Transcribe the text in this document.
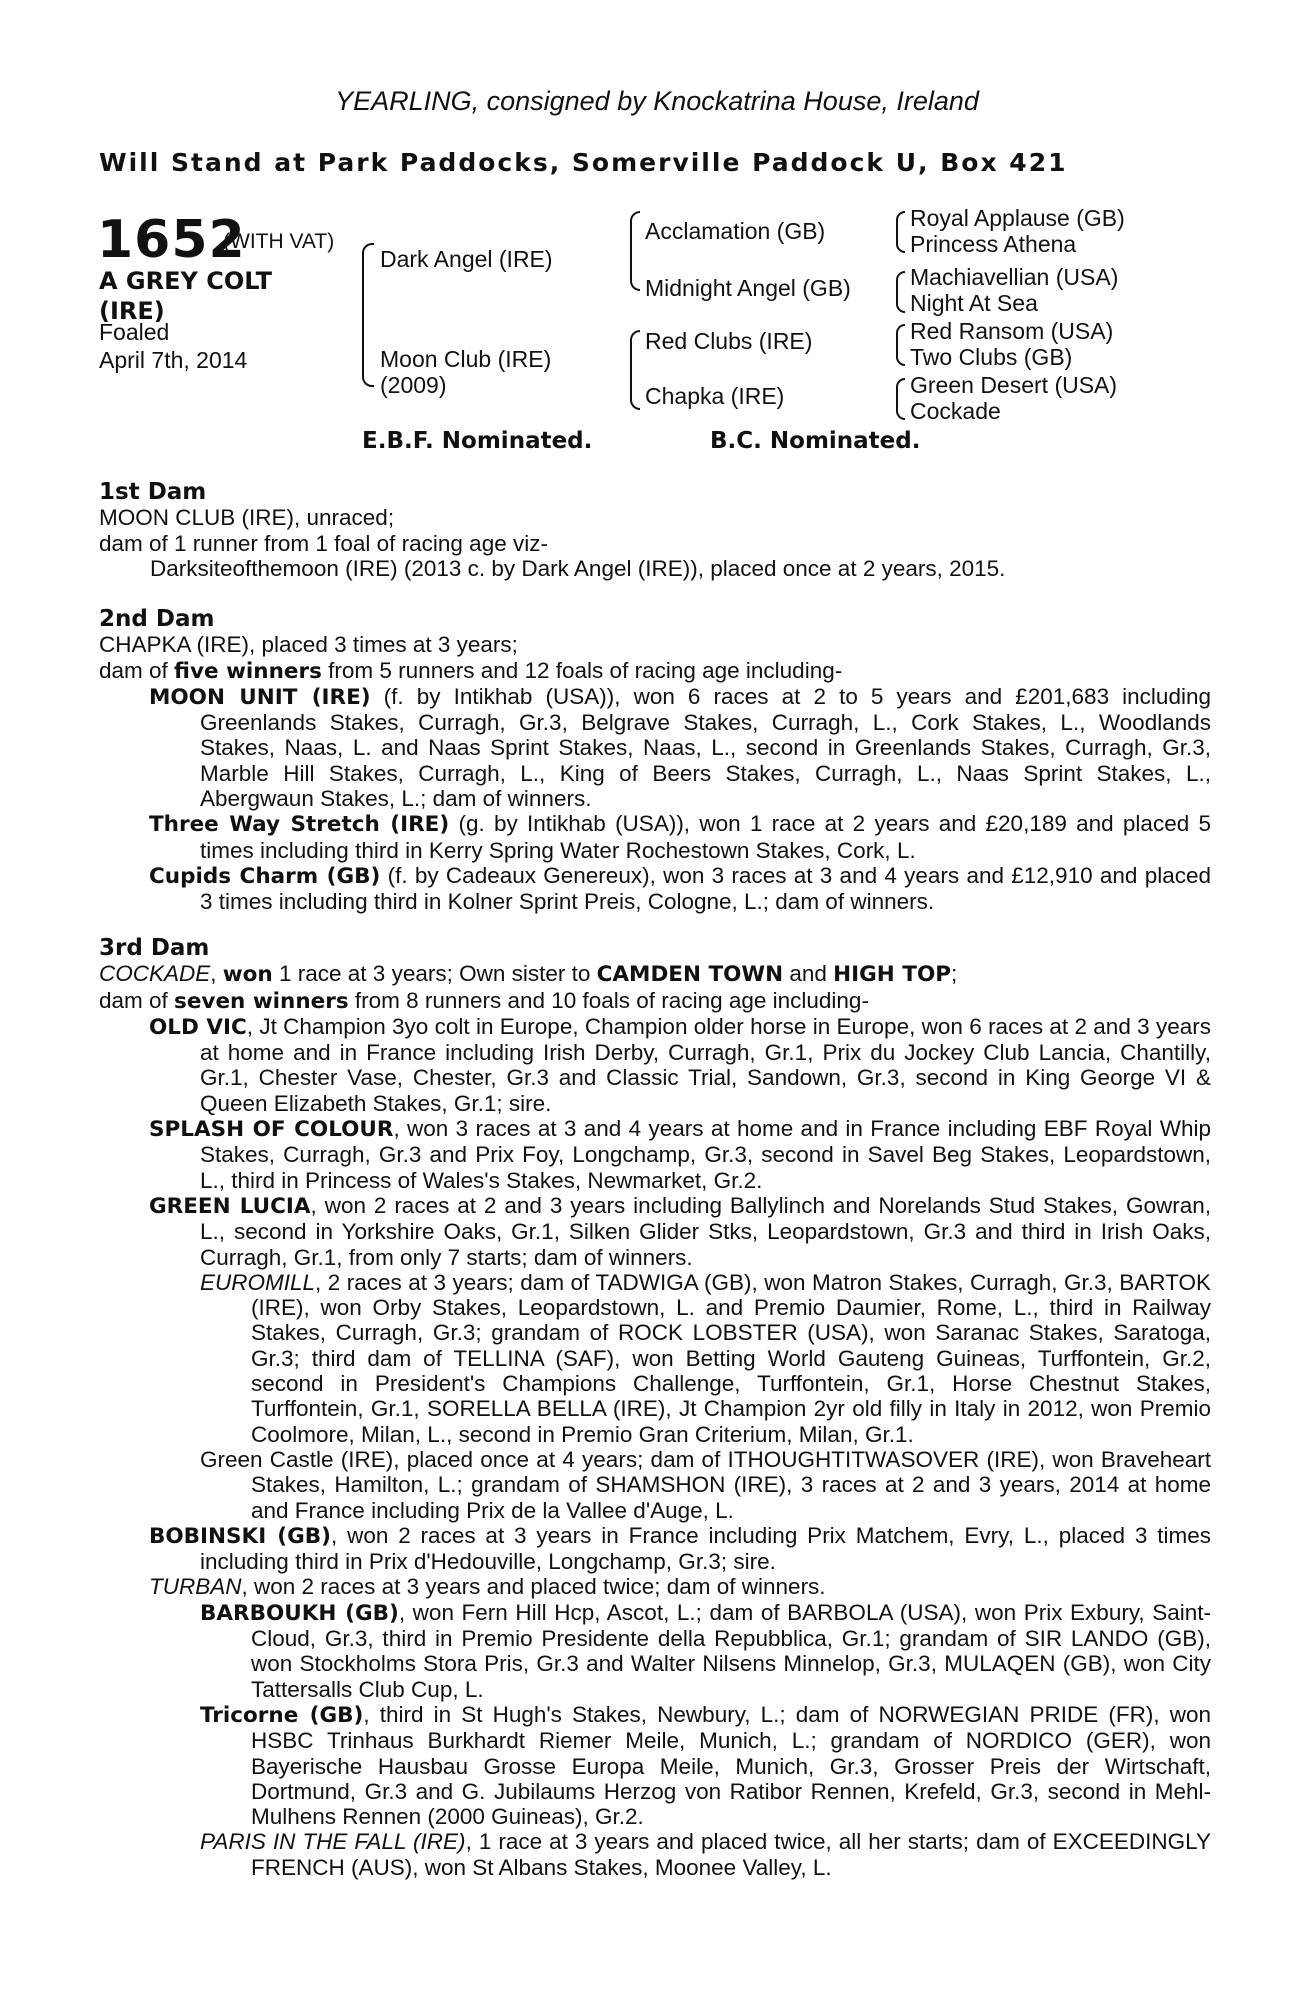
YEARLING, consigned by Knockatrina House, Ireland
Will Stand at Park Paddocks, Somerville Paddock U, Box 421
1652
(WITH VAT)
A GREY COLT
(IRE)
Foaled
April 7th, 2014
Dark Angel (IRE)
Moon Club (IRE)
(2009)
Acclamation (GB)
Midnight Angel (GB)
Red Clubs (IRE)
Chapka (IRE)
Royal Applause (GB)
Princess Athena
Machiavellian (USA)
Night At Sea
Red Ransom (USA)
Two Clubs (GB)
Green Desert (USA)
Cockade
E.B.F. Nominated.	B.C. Nominated.

1st Dam

MOON CLUB (IRE), unraced;

dam of 1 runner from 1 foal of racing age viz-

Darksiteofthemoon (IRE) (2013 c. by Dark Angel (IRE)), placed once at 2 years, 2015.

2nd Dam

CHAPKA (IRE), placed 3 times at 3 years;

dam of five winners from 5 runners and 12 foals of racing age including-

MOON UNIT (IRE) (f. by Intikhab (USA)), won 6 races at 2 to 5 years and £201,683 including Greenlands Stakes, Curragh, Gr.3, Belgrave Stakes, Curragh, L., Cork Stakes, L., Woodlands Stakes, Naas, L. and Naas Sprint Stakes, Naas, L., second in Greenlands Stakes, Curragh, Gr.3, Marble Hill Stakes, Curragh, L., King of Beers Stakes, Curragh, L., Naas Sprint Stakes, L., Abergwaun Stakes, L.; dam of winners.

Three Way Stretch (IRE) (g. by Intikhab (USA)), won 1 race at 2 years and £20,189 and placed 5 times including third in Kerry Spring Water Rochestown Stakes, Cork, L.

Cupids Charm (GB) (f. by Cadeaux Genereux), won 3 races at 3 and 4 years and £12,910 and placed 3 times including third in Kolner Sprint Preis, Cologne, L.; dam of winners.

3rd Dam

COCKADE, won 1 race at 3 years; Own sister to CAMDEN TOWN and HIGH TOP;

dam of seven winners from 8 runners and 10 foals of racing age including-

OLD VIC, Jt Champion 3yo colt in Europe, Champion older horse in Europe, won 6 races at 2 and 3 years at home and in France including Irish Derby, Curragh, Gr.1, Prix du Jockey Club Lancia, Chantilly, Gr.1, Chester Vase, Chester, Gr.3 and Classic Trial, Sandown, Gr.3, second in King George VI & Queen Elizabeth Stakes, Gr.1; sire.

SPLASH OF COLOUR, won 3 races at 3 and 4 years at home and in France including EBF Royal Whip Stakes, Curragh, Gr.3 and Prix Foy, Longchamp, Gr.3, second in Savel Beg Stakes, Leopardstown, L., third in Princess of Wales's Stakes, Newmarket, Gr.2.

GREEN LUCIA, won 2 races at 2 and 3 years including Ballylinch and Norelands Stud Stakes, Gowran, L., second in Yorkshire Oaks, Gr.1, Silken Glider Stks, Leopardstown, Gr.3 and third in Irish Oaks, Curragh, Gr.1, from only 7 starts; dam of winners.

EUROMILL, 2 races at 3 years; dam of TADWIGA (GB), won Matron Stakes, Curragh, Gr.3, BARTOK (IRE), won Orby Stakes, Leopardstown, L. and Premio Daumier, Rome, L., third in Railway Stakes, Curragh, Gr.3; grandam of ROCK LOBSTER (USA), won Saranac Stakes, Saratoga, Gr.3; third dam of TELLINA (SAF), won Betting World Gauteng Guineas, Turffontein, Gr.2, second in President's Champions Challenge, Turffontein, Gr.1, Horse Chestnut Stakes, Turffontein, Gr.1, SORELLA BELLA (IRE), Jt Champion 2yr old filly in Italy in 2012, won Premio Coolmore, Milan, L., second in Premio Gran Criterium, Milan, Gr.1.

Green Castle (IRE), placed once at 4 years; dam of ITHOUGHTITWASOVER (IRE), won Braveheart Stakes, Hamilton, L.; grandam of SHAMSHON (IRE), 3 races at 2 and 3 years, 2014 at home and France including Prix de la Vallee d'Auge, L.

BOBINSKI (GB), won 2 races at 3 years in France including Prix Matchem, Evry, L., placed 3 times including third in Prix d'Hedouville, Longchamp, Gr.3; sire.

TURBAN, won 2 races at 3 years and placed twice; dam of winners.

BARBOUKH (GB), won Fern Hill Hcp, Ascot, L.; dam of BARBOLA (USA), won Prix Exbury, Saint-Cloud, Gr.3, third in Premio Presidente della Repubblica, Gr.1; grandam of SIR LANDO (GB), won Stockholms Stora Pris, Gr.3 and Walter Nilsens Minnelop, Gr.3, MULAQEN (GB), won City Tattersalls Club Cup, L.

Tricorne (GB), third in St Hugh's Stakes, Newbury, L.; dam of NORWEGIAN PRIDE (FR), won HSBC Trinhaus Burkhardt Riemer Meile, Munich, L.; grandam of NORDICO (GER), won Bayerische Hausbau Grosse Europa Meile, Munich, Gr.3, Grosser Preis der Wirtschaft, Dortmund, Gr.3 and G. Jubilaums Herzog von Ratibor Rennen, Krefeld, Gr.3, second in Mehl-Mulhens Rennen (2000 Guineas), Gr.2.

PARIS IN THE FALL (IRE), 1 race at 3 years and placed twice, all her starts; dam of EXCEEDINGLY FRENCH (AUS), won St Albans Stakes, Moonee Valley, L.
